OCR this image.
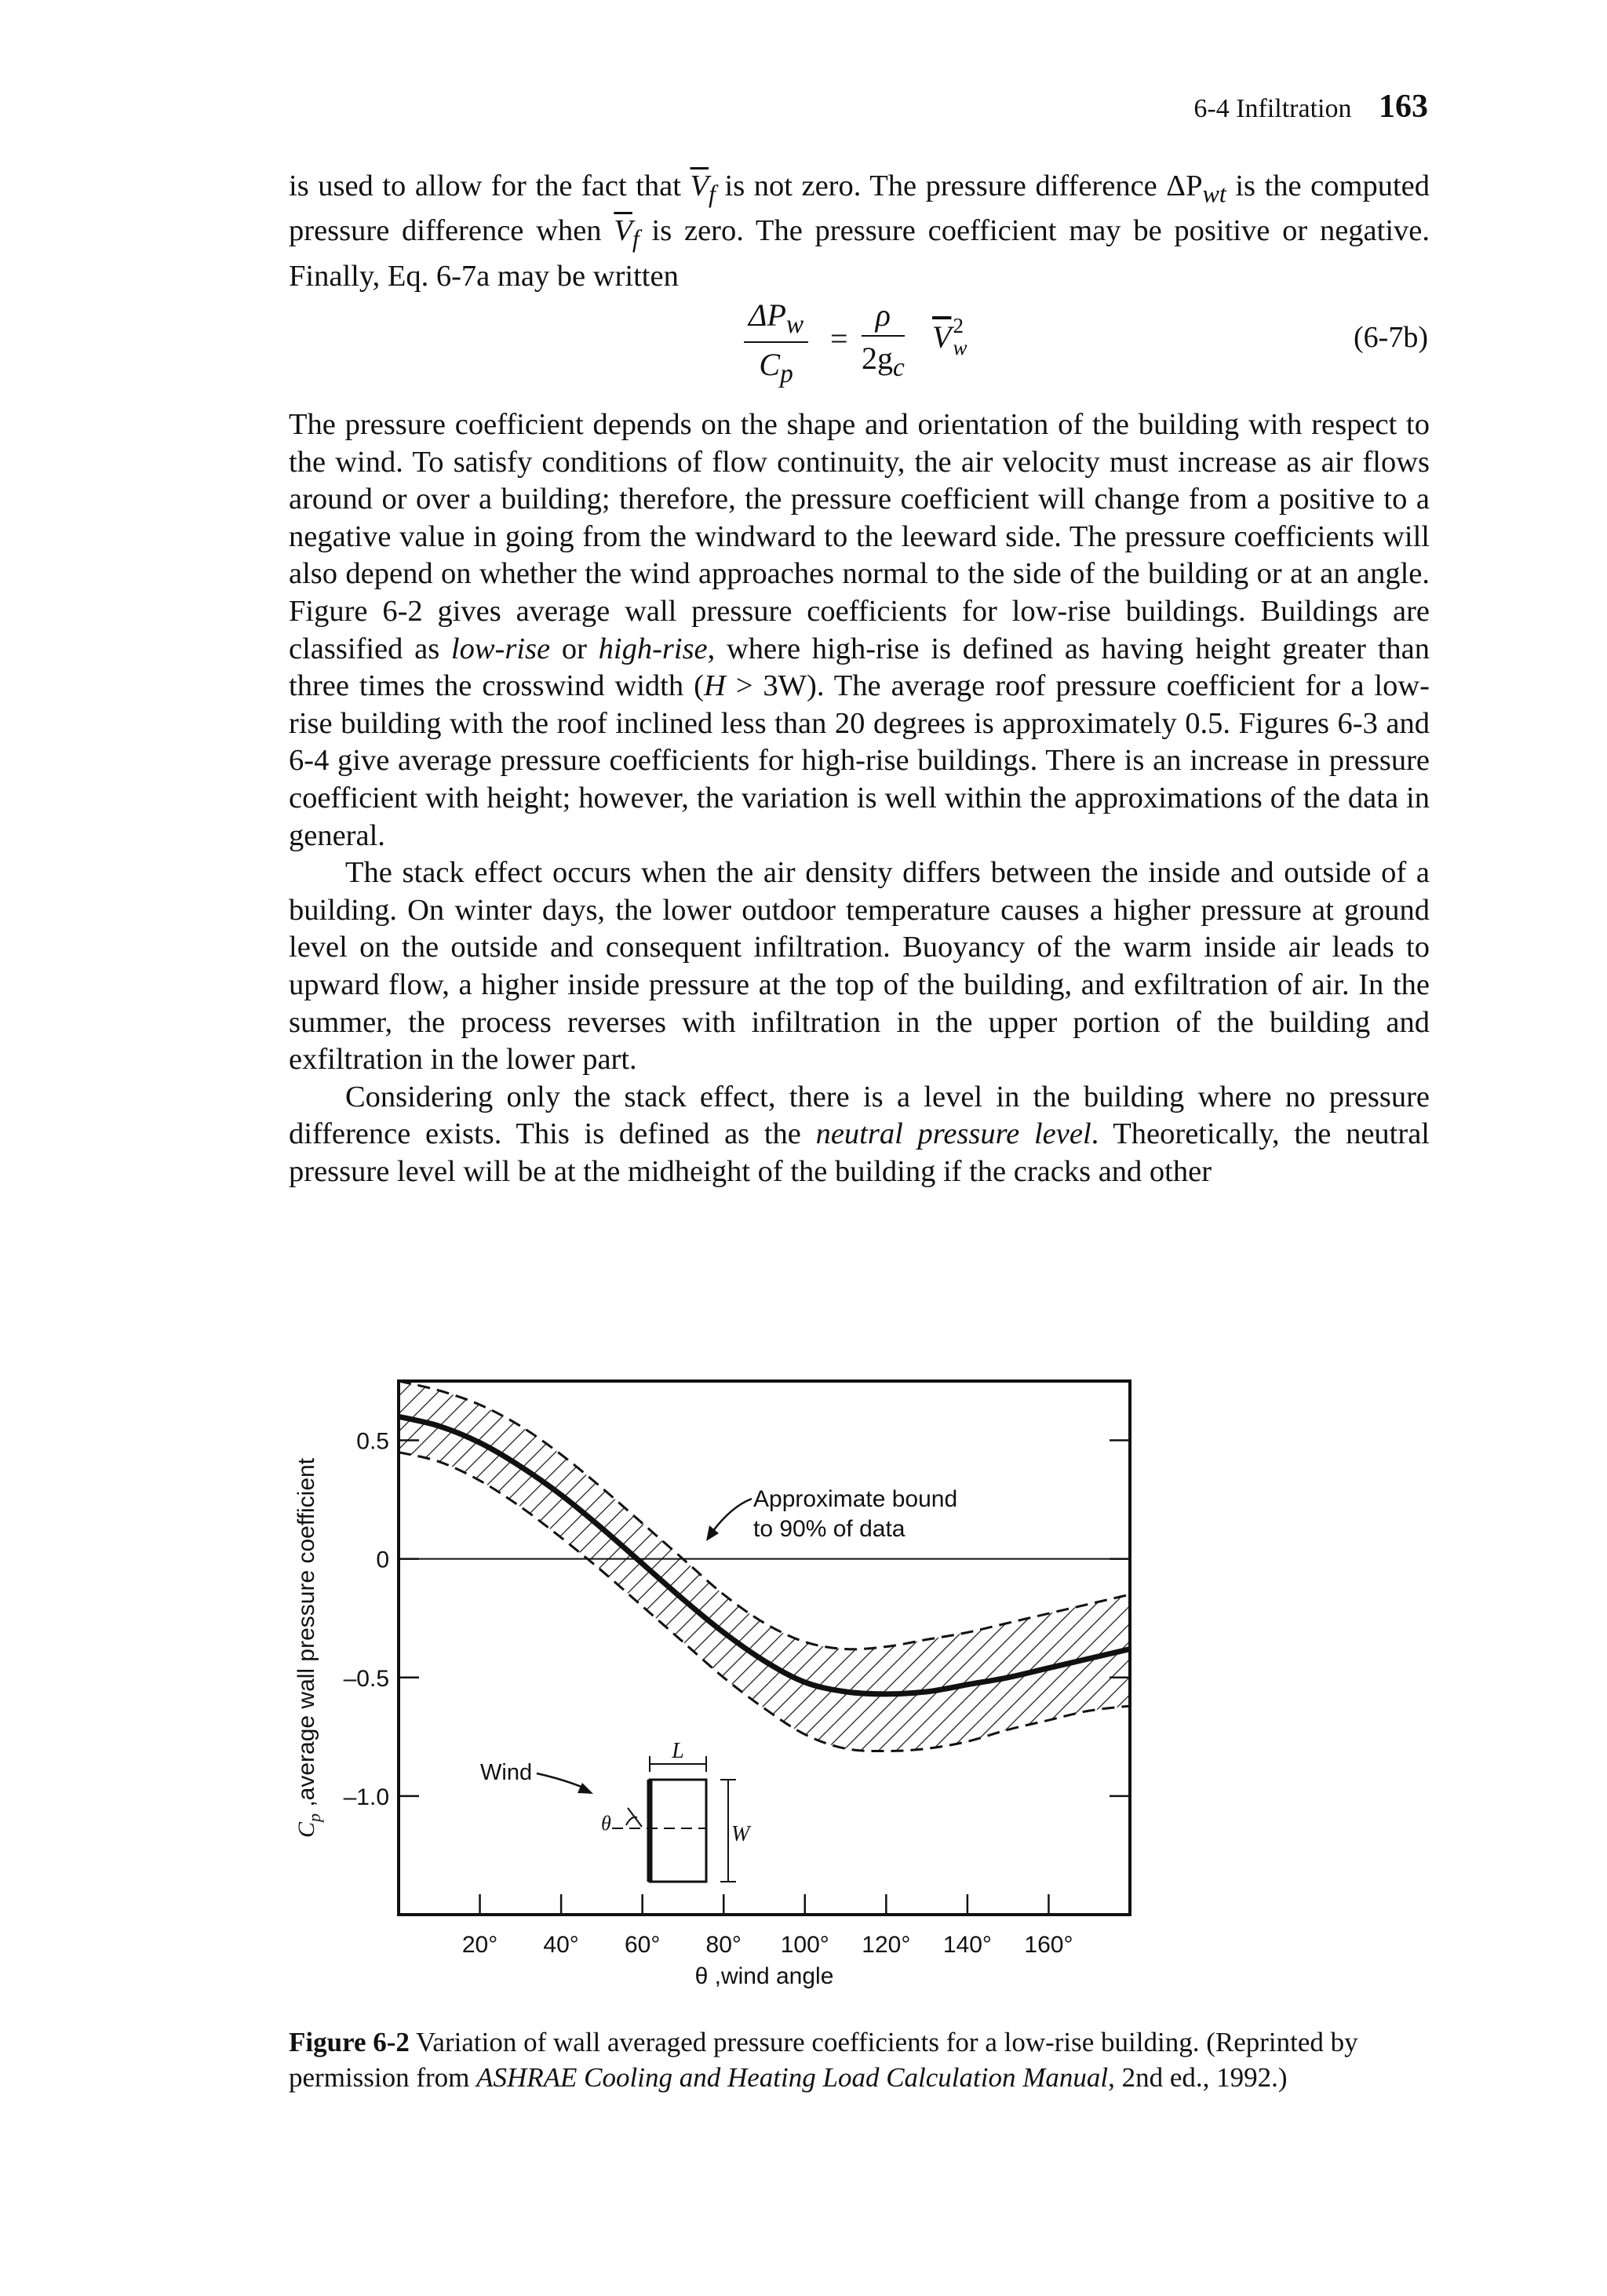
6-4 Infiltration 163

is used to allow for the fact that $\overline{V}_f$ is not zero. The pressure difference $\Delta P_{wt}$ is the computed pressure difference when $\overline{V}_f$ is zero. The pressure coefficient may be positive or negative. Finally, Eq. 6-7a may be written

$\Delta P_w$
$C_p$
= $\frac{\rho}{2g_c} \overline{V}$ 2
w	(6-7b)

The pressure coefficient depends on the shape and orientation of the building with respect to the wind. To satisfy conditions of flow continuity, the air velocity must increase as air flows around or over a building; therefore, the pressure coefficient will change from a positive to a negative value in going from the windward to the leeward side. The pressure coefficients will also depend on whether the wind approaches normal to the side of the building or at an angle. Figure 6-2 gives average wall pressure coefficients for low-rise buildings. Buildings are classified as low-rise or high-rise, where high-rise is defined as having height greater than three times the crosswind width (H > 3W). The average roof pressure coefficient for a low-rise building with the roof inclined less than 20 degrees is approximately 0.5. Figures 6-3 and 6-4 give average pressure coefficients for high-rise buildings. There is an increase in pressure coefficient with height; however, the variation is well within the approximations of the data in general.

The stack effect occurs when the air density differs between the inside and outside of a building. On winter days, the lower outdoor temperature causes a higher pressure at ground level on the outside and consequent infiltration. Buoyancy of the warm inside air leads to upward flow, a higher inside pressure at the top of the building, and exfiltration of air. In the summer, the process reverses with infiltration in the upper portion of the building and exfiltration in the lower part.

Considering only the stack effect, there is a level in the building where no pressure difference exists. This is defined as the neutral pressure level. Theoretically, the neutral pressure level will be at the midheight of the building if the cracks and other

0.5
0
–0.5
–1.0
20° 40° 60° 80° 100° 120° 140° 160°
$C_p$ ,average wall pressure coefficient
θ ,wind angle
Approximate bound
to 90% of data
Wind
θ
L
W
Figure 6-2 Variation of wall averaged pressure coefficients for a low-rise building. (Reprinted by permission from ASHRAE Cooling and Heating Load Calculation Manual, 2nd ed., 1992.)
